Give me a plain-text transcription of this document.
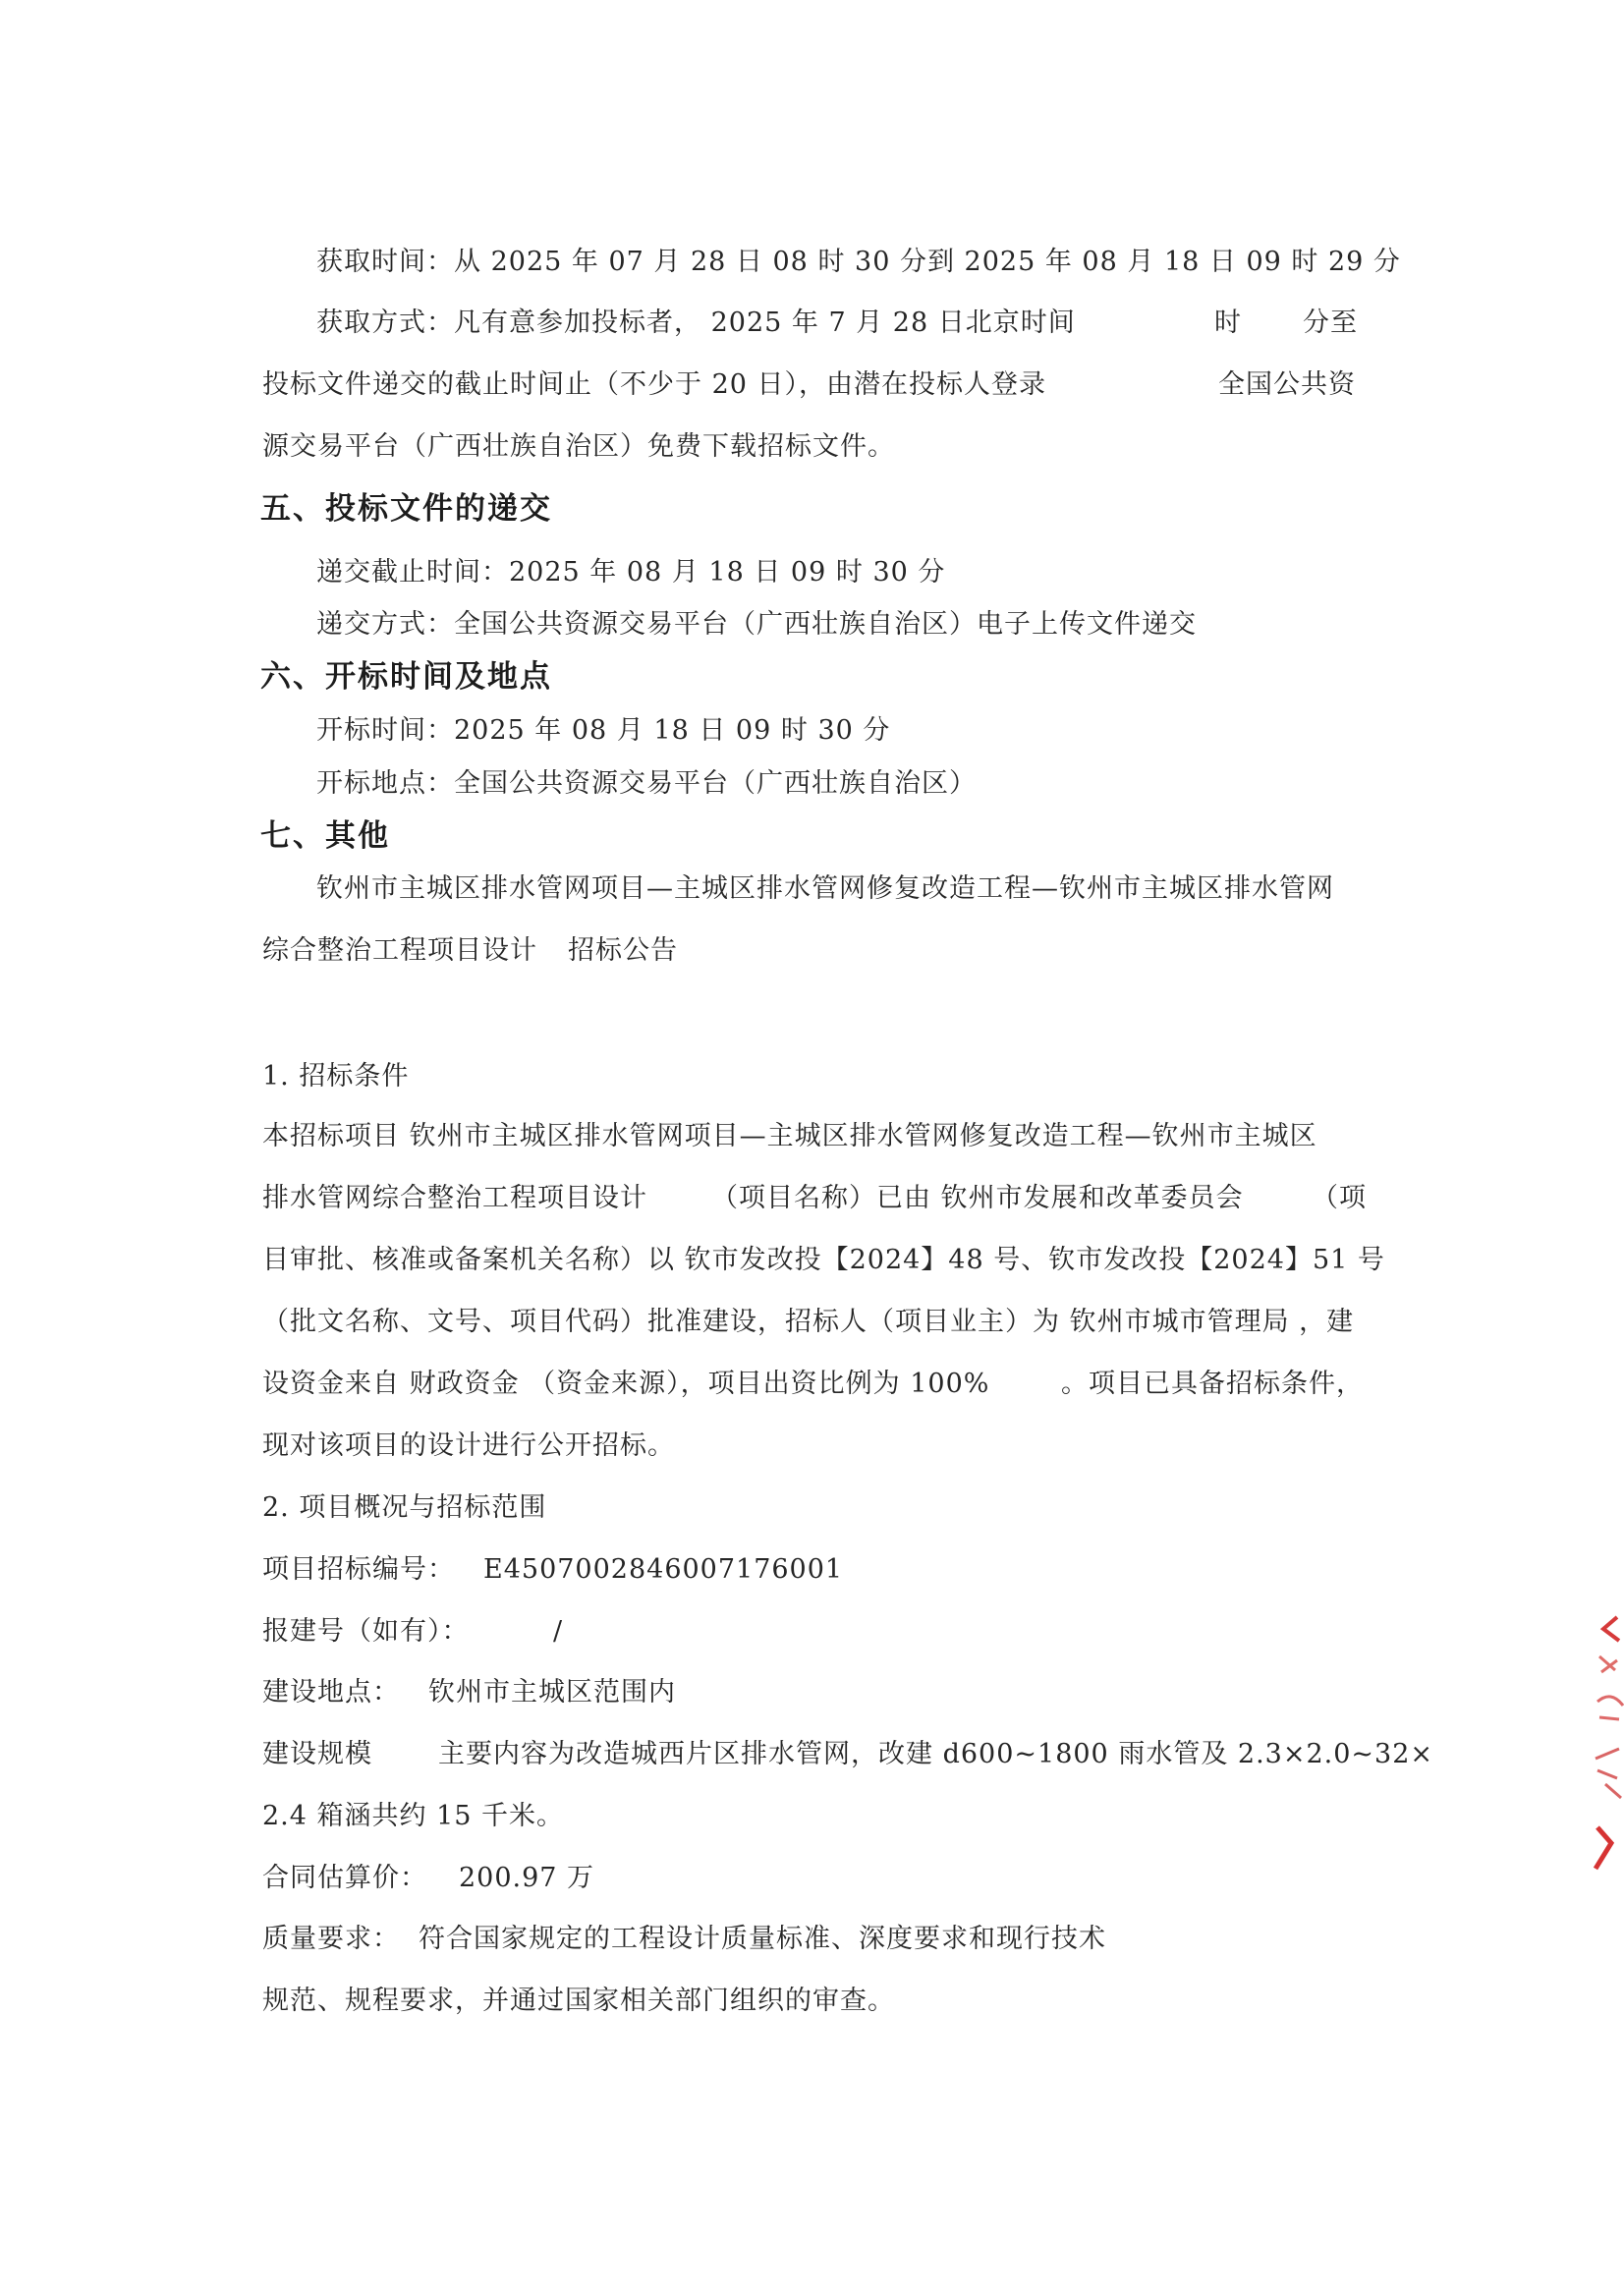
获取时间：从 2025 年 07 月 28 日 08 时 30 分到 2025 年 08 月 18 日 09 时 29 分
获取方式：凡有意参加投标者， 2025 年 7 月 28 日北京时间	时 分至
投标文件递交的截止时间止（不少于 20 日），由潜在投标人登录	全国公共资
源交易平台（广西壮族自治区）免费下载招标文件。
五、投标文件的递交
递交截止时间：2025 年 08 月 18 日 09 时 30 分
递交方式：全国公共资源交易平台（广西壮族自治区）电子上传文件递交
六、开标时间及地点
开标时间：2025 年 08 月 18 日 09 时 30 分
开标地点：全国公共资源交易平台（广西壮族自治区）
七、其他
钦州市主城区排水管网项目—主城区排水管网修复改造工程—钦州市主城区排水管网
综合整治工程项目设计 招标公告
1. 招标条件
本招标项目 钦州市主城区排水管网项目—主城区排水管网修复改造工程—钦州市主城区
排水管网综合整治工程项目设计 （项目名称）已由 钦州市发展和改革委员会	（项
目审批、核准或备案机关名称）以 钦市发改投【2024】48 号、钦市发改投【2024】51 号
（批文名称、文号、项目代码）批准建设，招标人（项目业主）为 钦州市城市管理局 ，建
设资金来自 财政资金 （资金来源），项目出资比例为 100%	。项目已具备招标条件，
现对该项目的设计进行公开招标。
2. 项目概况与招标范围
项目招标编号： E4507002846007176001
报建号（如有）：	/
建设地点： 钦州市主城区范围内
建设规模 主要内容为改造城西片区排水管网，改建 d600~1800 雨水管及 2.3×2.0~32×
2.4 箱涵共约 15 千米。
合同估算价： 200.97 万
质量要求： 符合国家规定的工程设计质量标准、深度要求和现行技术
规范、规程要求，并通过国家相关部门组织的审查。
